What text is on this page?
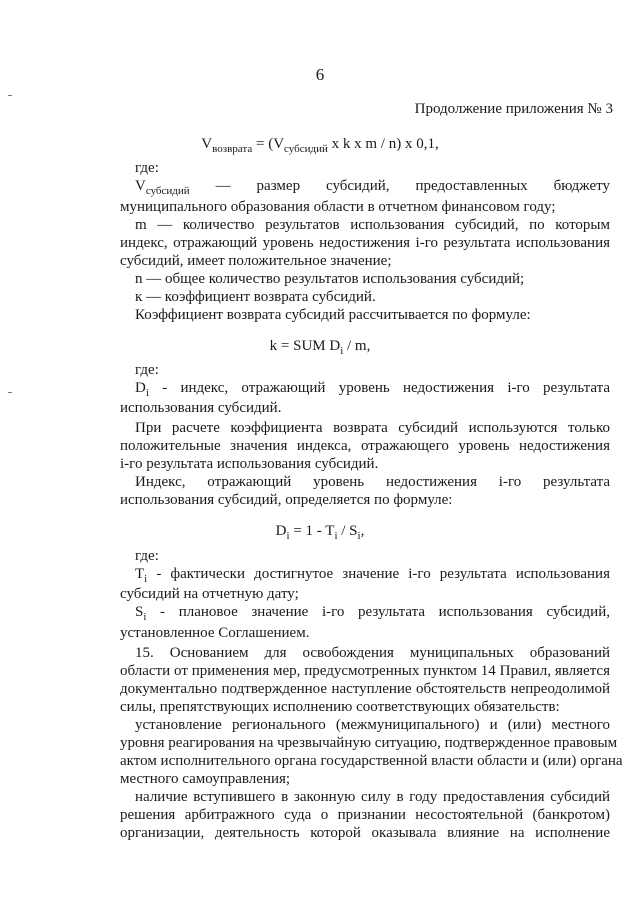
6
Продолжение приложения № 3
$V_{возврата} = (V_{субсидий}$ x k x m / n) x 0,1,
где:
$V_{субсидий}$ — размер субсидий, предоставленных бюджету
муниципального образования области в отчетном финансовом году;
m — количество результатов использования субсидий, по которым
индекс, отражающий уровень недостижения i-го результата использования
субсидий, имеет положительное значение;
n — общее количество результатов использования субсидий;
к — коэффициент возврата субсидий.
Коэффициент возврата субсидий рассчитывается по формуле:
k = SUM $D_i$ / m,
где:
$D_i$ - индекс, отражающий уровень недостижения i-го результата
использования субсидий.
При расчете коэффициента возврата субсидий используются только
положительные значения индекса, отражающего уровень недостижения
i-го результата использования субсидий.
Индекс, отражающий уровень недостижения i-го результата
использования субсидий, определяется по формуле:
$D_i = 1 - T_i / S_i$,
где:
$T_i$ - фактически достигнутое значение i-го результата использования
субсидий на отчетную дату;
$S_i$ - плановое значение i-го результата использования субсидий,
установленное Соглашением.
15. Основанием для освобождения муниципальных образований
области от применения мер, предусмотренных пунктом 14 Правил, является
документально подтвержденное наступление обстоятельств непреодолимой
силы, препятствующих исполнению соответствующих обязательств:
установление регионального (межмуниципального) и (или) местного
уровня реагирования на чрезвычайную ситуацию, подтвержденное правовым
актом исполнительного органа государственной власти области и (или) органа
местного самоуправления;
наличие вступившего в законную силу в году предоставления субсидий
решения арбитражного суда о признании несостоятельной (банкротом)
организации, деятельность которой оказывала влияние на исполнение
